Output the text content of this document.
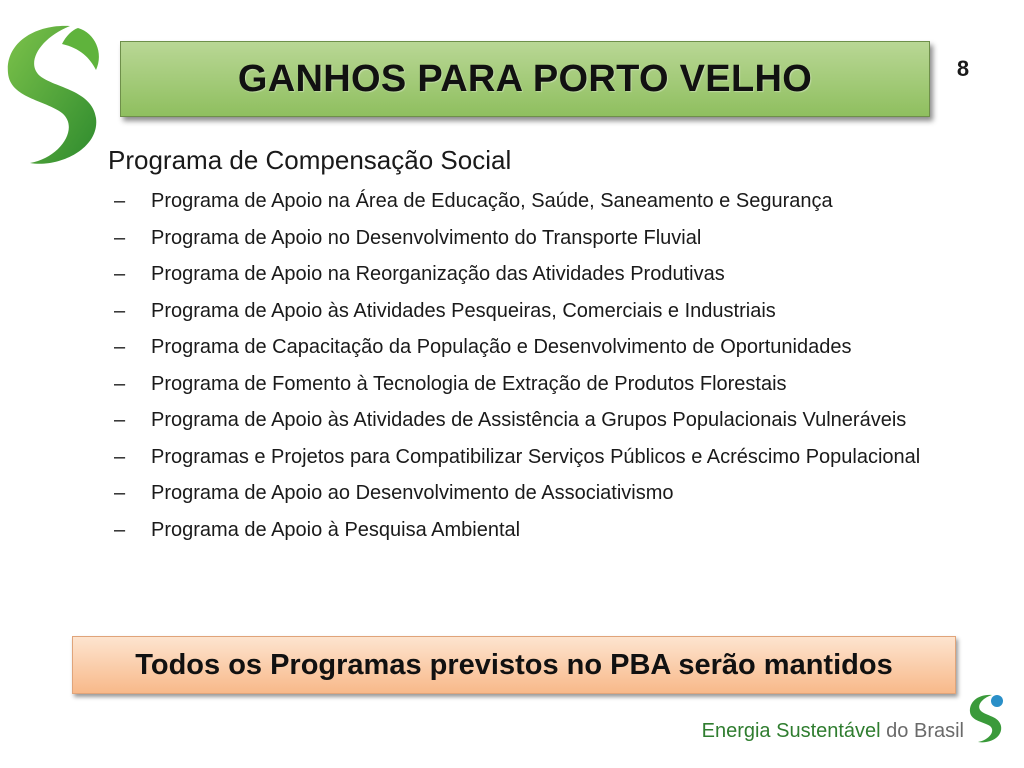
GANHOS PARA PORTO VELHO	8
Programa de Compensação Social
–	Programa de Apoio na Área de Educação, Saúde, Saneamento e Segurança
–	Programa de Apoio no Desenvolvimento do Transporte Fluvial
–	Programa de Apoio na Reorganização das Atividades Produtivas
–	Programa de Apoio às Atividades Pesqueiras, Comerciais e Industriais
–	Programa de Capacitação da População e Desenvolvimento de Oportunidades
–	Programa de Fomento à Tecnologia de Extração de Produtos Florestais
–	Programa de Apoio às Atividades de Assistência a Grupos Populacionais Vulneráveis
–	Programas e Projetos para Compatibilizar Serviços Públicos e Acréscimo Populacional
–	Programa de Apoio ao Desenvolvimento de Associativismo
–	Programa de Apoio à Pesquisa Ambiental
Todos os Programas previstos no PBA serão mantidos
Energia Sustentável do Brasil
